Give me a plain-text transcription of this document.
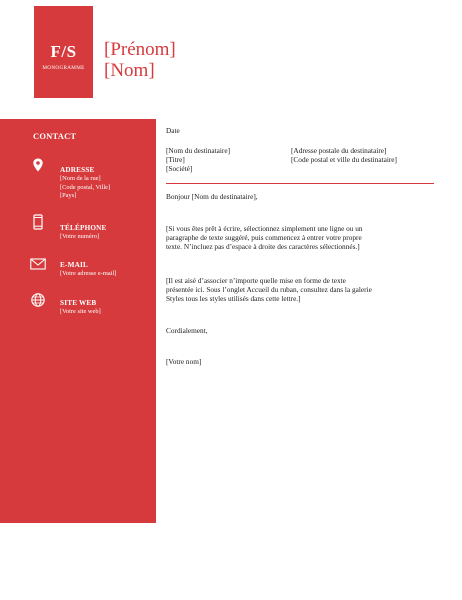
F/S
MONOGRAMME
[Prénom]
[Nom]
CONTACT
ADRESSE
[Nom de la rue]
[Code postal, Ville]
[Pays]
TÉLÉPHONE
[Votre numéro]
E-MAIL
[Votre adresse e-mail]
SITE WEB
[Votre site web]
Date
[Nom du destinataire]
[Titre]
[Société]
[Adresse postale du destinataire]
[Code postal et ville du destinataire]
Bonjour [Nom du destinataire],
[Si vous êtes prêt à écrire, sélectionnez simplement une ligne ou un
paragraphe de texte suggéré, puis commencez à entrer votre propre
texte. N’incluez pas d’espace à droite des caractères sélectionnés.]
[Il est aisé d’associer n’importe quelle mise en forme de texte
présentée ici. Sous l’onglet Accueil du ruban, consultez dans la galerie
Styles tous les styles utilisés dans cette lettre.]
Cordialement,
[Votre nom]
